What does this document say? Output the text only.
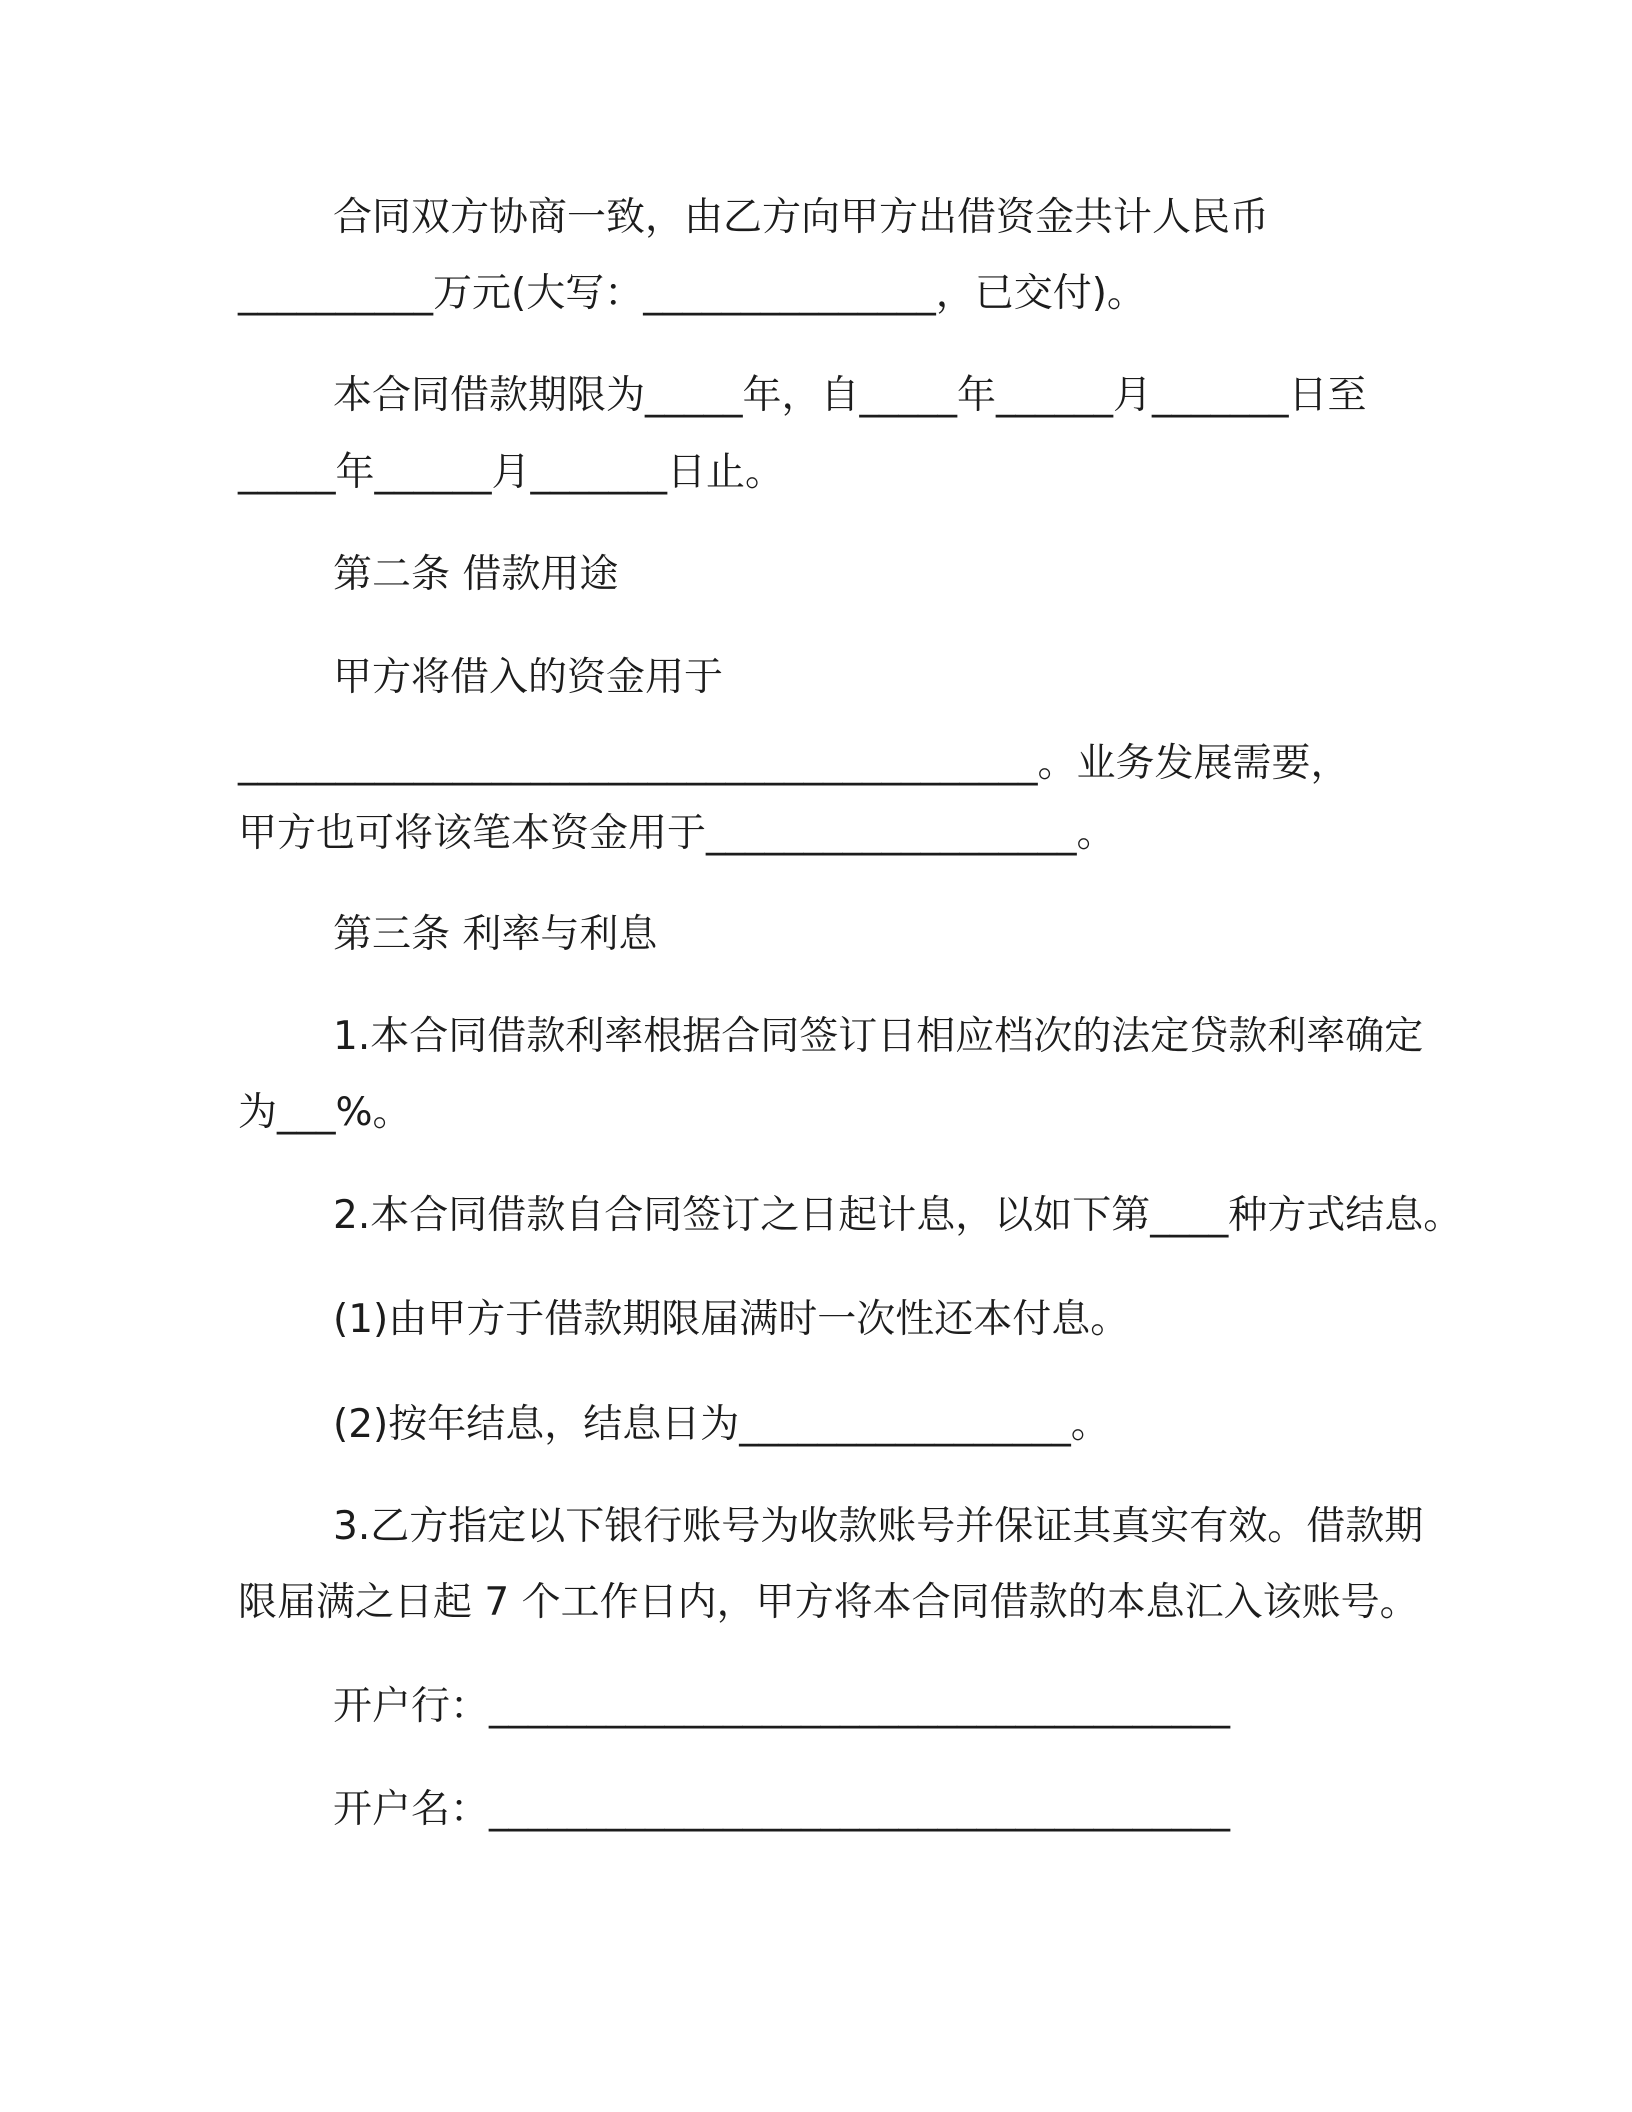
合同双方协商一致，由乙方向甲方出借资金共计人民币

__________万元(大写：_______________，已交付)。

本合同借款期限为_____年，自_____年______月_______日至

_____年______月_______日止。

第二条 借款用途

甲方将借入的资金用于

_________________________________________。业务发展需要，

甲方也可将该笔本资金用于___________________。

第三条 利率与利息

1.本合同借款利率根据合同签订日相应档次的法定贷款利率确定

为___%。

2.本合同借款自合同签订之日起计息，以如下第____种方式结息。

(1)由甲方于借款期限届满时一次性还本付息。

(2)按年结息，结息日为_________________。

3.乙方指定以下银行账号为收款账号并保证其真实有效。借款期

限届满之日起 7 个工作日内，甲方将本合同借款的本息汇入该账号。

开户行：______________________________________

开户名：______________________________________
